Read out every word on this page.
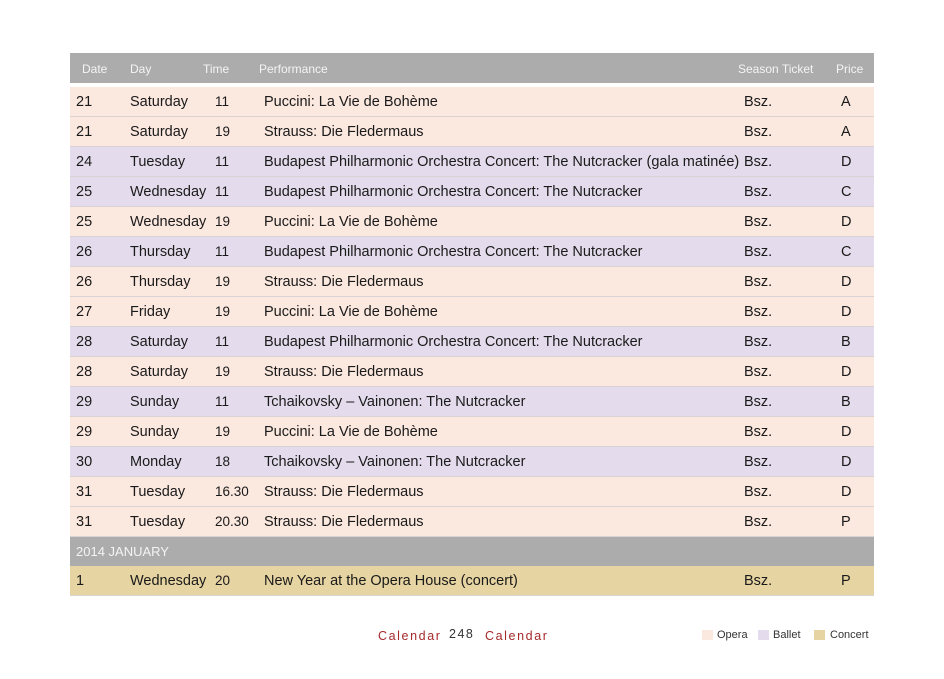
Date Day	Time Performance	Season Ticket Price
21	Saturday 11 Puccini: La Vie de Bohème	Bsz.	A
21	Saturday 19 Strauss: Die Fledermaus	Bsz.	A
24	Tuesday 11 Budapest Philharmonic Orchestra Concert: The Nutcracker (gala matinée) Bsz.	D
25	Wednesday 11 Budapest Philharmonic Orchestra Concert: The Nutcracker	Bsz.	C
25	Wednesday 19 Puccini: La Vie de Bohème	Bsz.	D
26	Thursday 11 Budapest Philharmonic Orchestra Concert: The Nutcracker	Bsz.	C
26	Thursday 19 Strauss: Die Fledermaus	Bsz.	D
27	Friday	19 Puccini: La Vie de Bohème	Bsz.	D
28	Saturday 11 Budapest Philharmonic Orchestra Concert: The Nutcracker	Bsz.	B
28	Saturday 19 Strauss: Die Fledermaus	Bsz.	D
29	Sunday	11 Tchaikovsky – Vainonen: The Nutcracker	Bsz.	B
29	Sunday	19 Puccini: La Vie de Bohème	Bsz.	D
30	Monday 18 Tchaikovsky – Vainonen: The Nutcracker	Bsz.	D
31	Tuesday 16.30 Strauss: Die Fledermaus	Bsz.	D
31	Tuesday 20.30 Strauss: Die Fledermaus	Bsz.	P
2014 JANUARY
1	Wednesday 20 New Year at the Opera House (concert)	Bsz.	P
Calendar 248 Calendar	Opera Ballet	Concert
